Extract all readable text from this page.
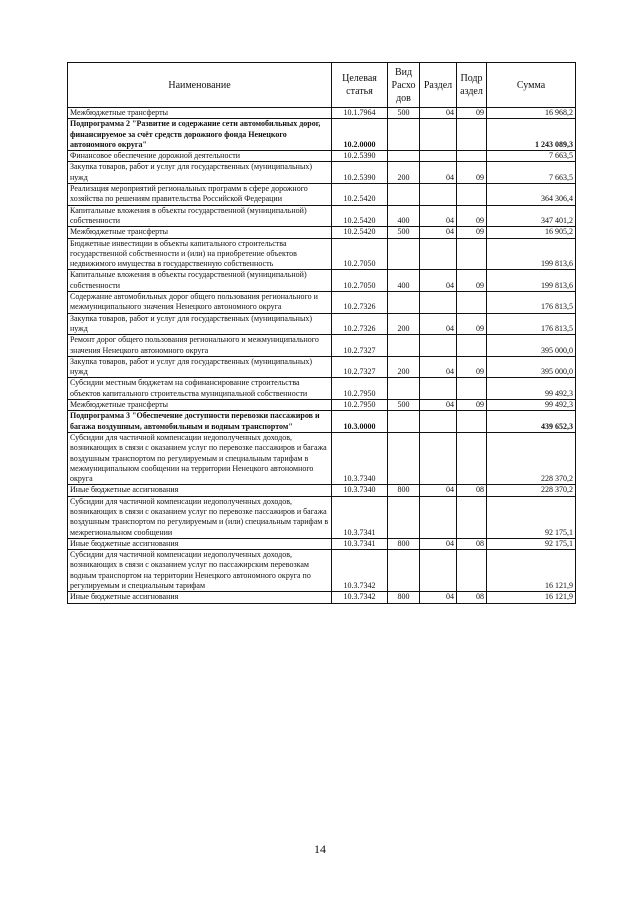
Наименование	Целевая статья	Вид Расхо дов	Раздел	Подр аздел	Сумма
Межбюджетные трансферты	10.1.7964	500	04	09	16 968,2
Подпрограмма 2 "Развитие и содержание сети автомобильных дорог, финансируемое за счёт средств дорожного фонда Ненецкого автономного округа"	10.2.0000				1 243 089,3
Финансовое обеспечение дорожной деятельности	10.2.5390				7 663,5
Закупка товаров, работ и услуг для государственных (муниципальных) нужд	10.2.5390	200	04	09	7 663,5
Реализация мероприятий региональных программ в сфере дорожного хозяйства по решениям правительства Российской Федерации	10.2.5420				364 306,4
Капитальные вложения в объекты государственной (муниципальной) собственности	10.2.5420	400	04	09	347 401,2
Межбюджетные трансферты	10.2.5420	500	04	09	16 905,2
Бюджетные инвестиции в объекты капитального строительства государственной собственности и (или) на приобретение объектов недвижимого имущества в государственную собственность	10.2.7050				199 813,6
Капитальные вложения в объекты государственной (муниципальной) собственности	10.2.7050	400	04	09	199 813,6
Содержание автомобильных дорог общего пользования регионального и межмуниципального значения Ненецкого автономного округа	10.2.7326				176 813,5
Закупка товаров, работ и услуг для государственных (муниципальных) нужд	10.2.7326	200	04	09	176 813,5
Ремонт дорог общего пользования регионального и межмуниципального значения Ненецкого автономного округа	10.2.7327				395 000,0
Закупка товаров, работ и услуг для государственных (муниципальных) нужд	10.2.7327	200	04	09	395 000,0
Субсидии местным бюджетам на софинансирование строительства объектов капитального строительства муниципальной собственности	10.2.7950				99 492,3
Межбюджетные трансферты	10.2.7950	500	04	09	99 492,3
Подпрограмма 3 "Обеспечение доступности перевозки пассажиров и багажа воздушным, автомобильным и водным транспортом"	10.3.0000				439 652,3
Субсидии для частичной компенсации недополученных доходов, возникающих в связи с оказанием услуг по перевозке пассажиров и багажа воздушным транспортом по регулируемым и специальным тарифам в межмуниципальном сообщении на территории Ненецкого автономного округа	10.3.7340				228 370,2
Иные бюджетные ассигнования	10.3.7340	800	04	08	228 370,2
Субсидии для частичной компенсации недополученных доходов, возникающих в связи с оказанием услуг по перевозке пассажиров и багажа воздушным транспортом по регулируемым и (или) специальным тарифам в межрегиональном сообщении	10.3.7341				92 175,1
Иные бюджетные ассигнования	10.3.7341	800	04	08	92 175,1
Субсидии для частичной компенсации недополученных доходов, возникающих в связи с оказанием услуг по пассажирским перевозкам водным транспортом на территории Ненецкого автономного округа по регулируемым и специальным тарифам	10.3.7342				16 121,9
Иные бюджетные ассигнования	10.3.7342	800	04	08	16 121,9
14
